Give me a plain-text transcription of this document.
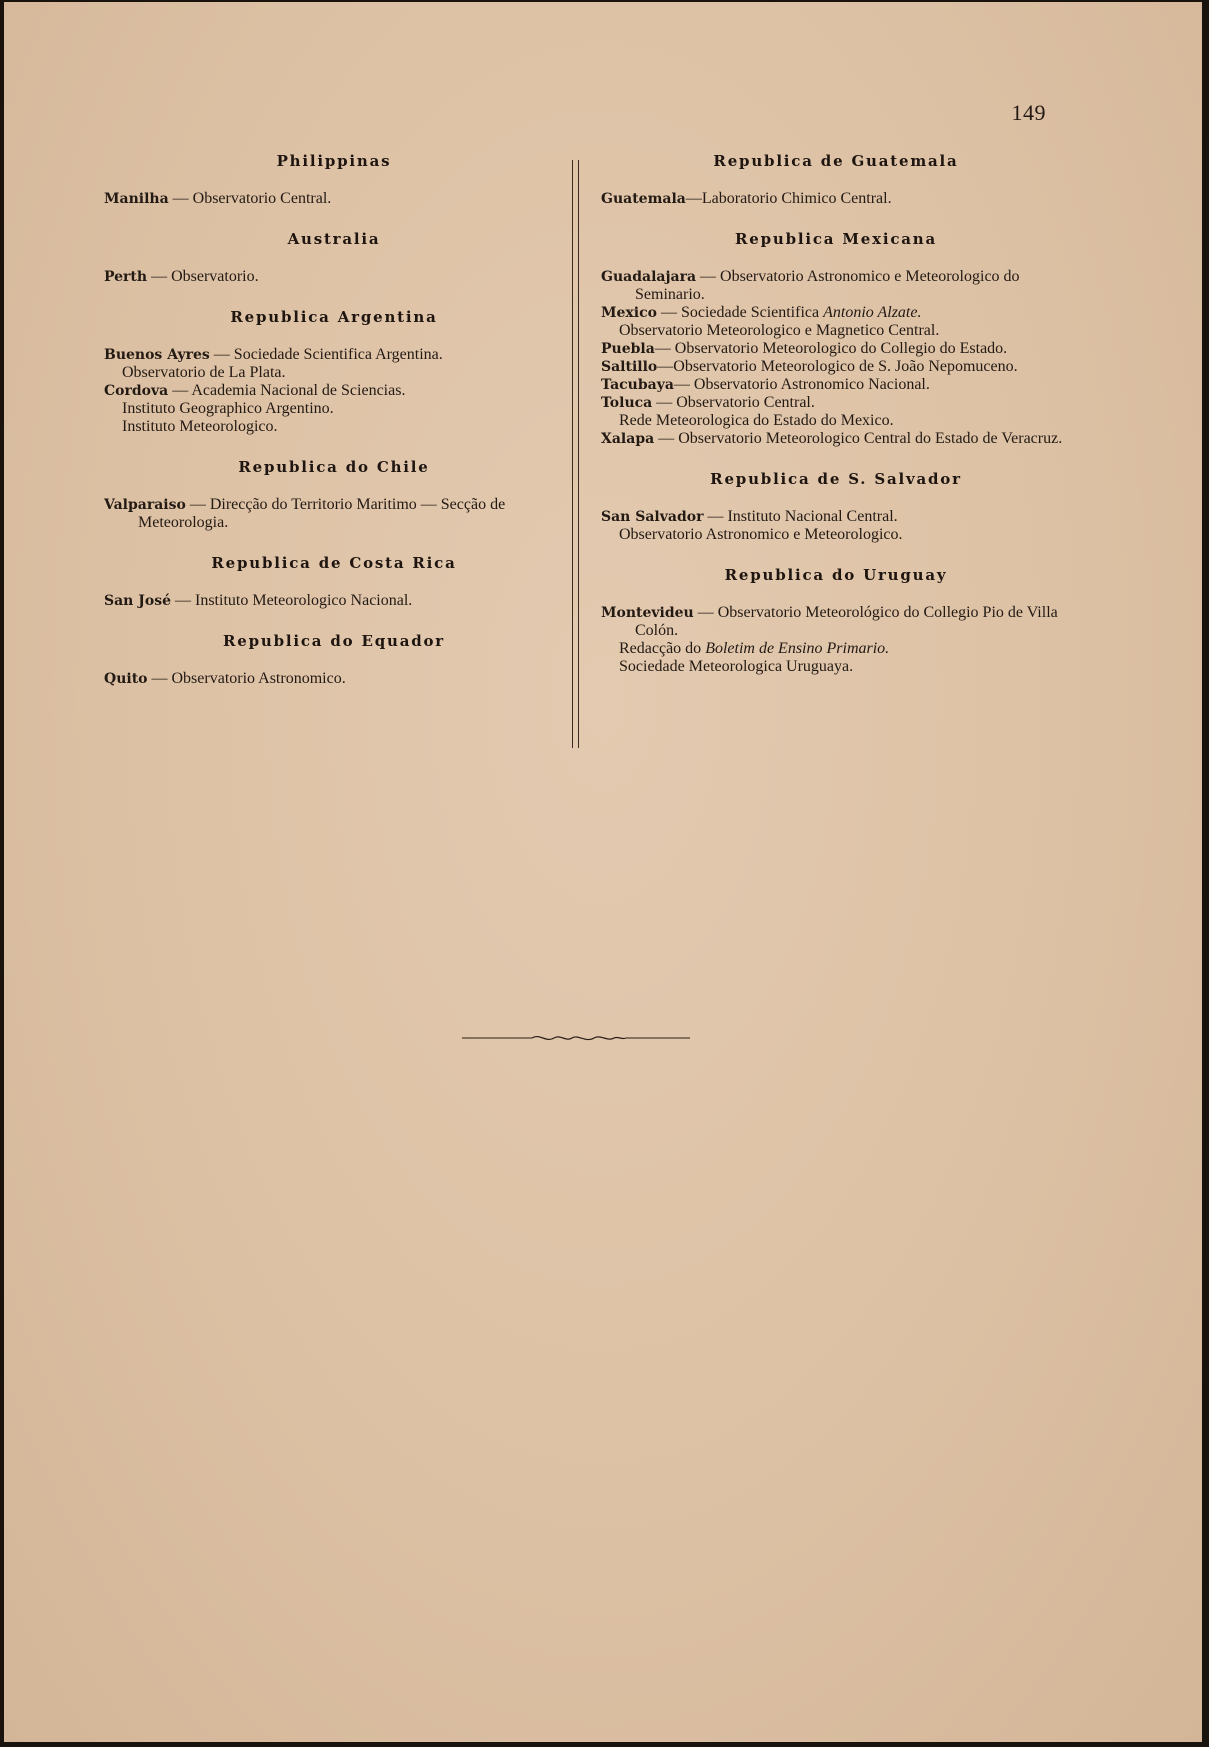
149
Philippinas

Manilha — Observatorio Central.

Australia

Perth — Observatorio.

Republica Argentina

Buenos Ayres — Sociedade Scientifica Argentina.

Observatorio de La Plata.

Cordova — Academia Nacional de Sciencias.

Instituto Geographico Argentino.

Instituto Meteorologico.

Republica do Chile

Valparaiso — Direcção do Territorio Maritimo — Secção de Meteorologia.

Republica de Costa Rica

San José — Instituto Meteorologico Nacional.

Republica do Equador

Quito — Observatorio Astronomico.

Republica de Guatemala

Guatemala—Laboratorio Chimico Central.

Republica Mexicana

Guadalajara — Observatorio Astronomico e Meteorologico do Seminario.

Mexico — Sociedade Scientifica Antonio Alzate.

Observatorio Meteorologico e Magnetico Central.

Puebla— Observatorio Meteorologico do Collegio do Estado.

Saltillo—Observatorio Meteorologico de S. João Nepomuceno.

Tacubaya— Observatorio Astronomico Nacional.

Toluca — Observatorio Central.

Rede Meteorologica do Estado do Mexico.

Xalapa — Observatorio Meteorologico Central do Estado de Veracruz.

Republica de S. Salvador

San Salvador — Instituto Nacional Central.

Observatorio Astronomico e Meteorologico.

Republica do Uruguay

Montevideu — Observatorio Meteorológico do Collegio Pio de Villa Colón.

Redacção do Boletim de Ensino Primario.

Sociedade Meteorologica Uruguaya.
